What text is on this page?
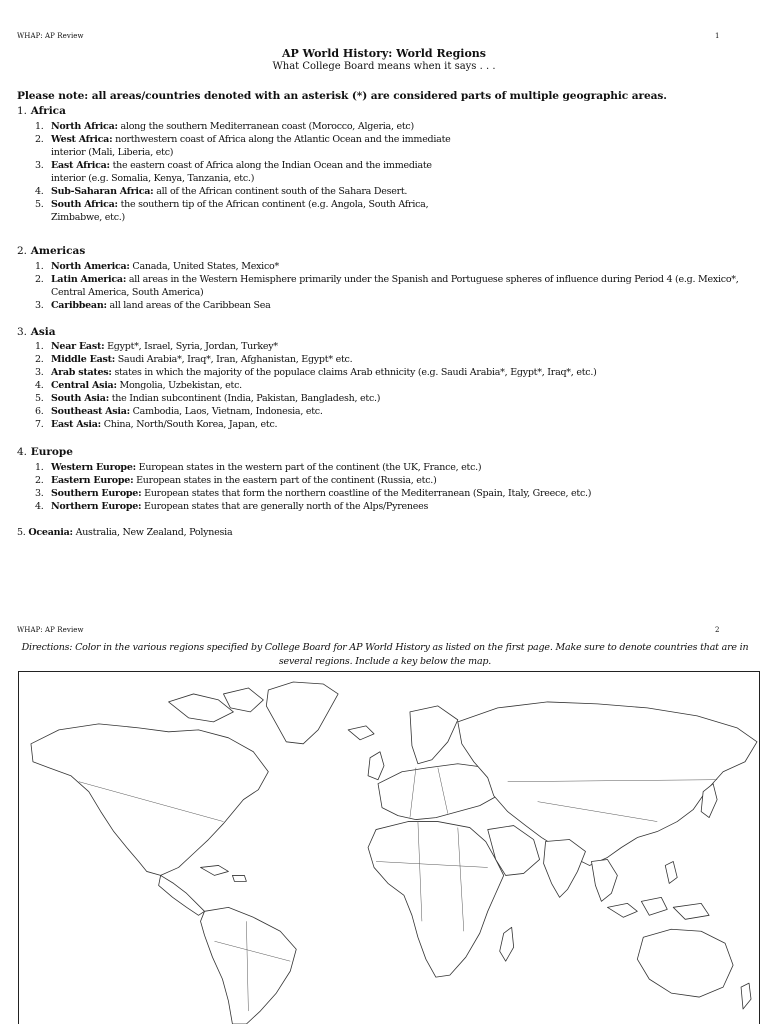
WHAP: AP Review	1
AP World History: World Regions
What College Board means when it says . . .
Please note: all areas/countries denoted with an asterisk (*) are considered parts of multiple geographic areas.
1. Africa
1. North Africa: along the southern Mediterranean coast (Morocco, Algeria, etc)
2. West Africa: northwestern coast of Africa along the Atlantic Ocean and the immediate interior (Mali, Liberia, etc)
3. East Africa: the eastern coast of Africa along the Indian Ocean and the immediate interior (e.g. Somalia, Kenya, Tanzania, etc.)
4. Sub-Saharan Africa: all of the African continent south of the Sahara Desert.
5. South Africa: the southern tip of the African continent (e.g. Angola, South Africa, Zimbabwe, etc.)
2. Americas
1. North America: Canada, United States, Mexico*
2. Latin America: all areas in the Western Hemisphere primarily under the Spanish and Portuguese spheres of influence during Period 4 (e.g. Mexico*, Central America, South America)
3. Caribbean: all land areas of the Caribbean Sea
3. Asia
1. Near East: Egypt*, Israel, Syria, Jordan, Turkey*
2. Middle East: Saudi Arabia*, Iraq*, Iran, Afghanistan, Egypt* etc.
3. Arab states: states in which the majority of the populace claims Arab ethnicity (e.g. Saudi Arabia*, Egypt*, Iraq*, etc.)
4. Central Asia: Mongolia, Uzbekistan, etc.
5. South Asia: the Indian subcontinent (India, Pakistan, Bangladesh, etc.)
6. Southeast Asia: Cambodia, Laos, Vietnam, Indonesia, etc.
7. East Asia: China, North/South Korea, Japan, etc.
4. Europe
1. Western Europe: European states in the western part of the continent (the UK, France, etc.)
2. Eastern Europe: European states in the eastern part of the continent (Russia, etc.)
3. Southern Europe: European states that form the northern coastline of the Mediterranean (Spain, Italy, Greece, etc.)
4. Northern Europe: European states that are generally north of the Alps/Pyrenees
5. Oceania: Australia, New Zealand, Polynesia
WHAP: AP Review	2
Directions: Color in the various regions specified by College Board for AP World History as listed on the first page. Make sure to denote countries that are in several regions. Include a key below the map.
